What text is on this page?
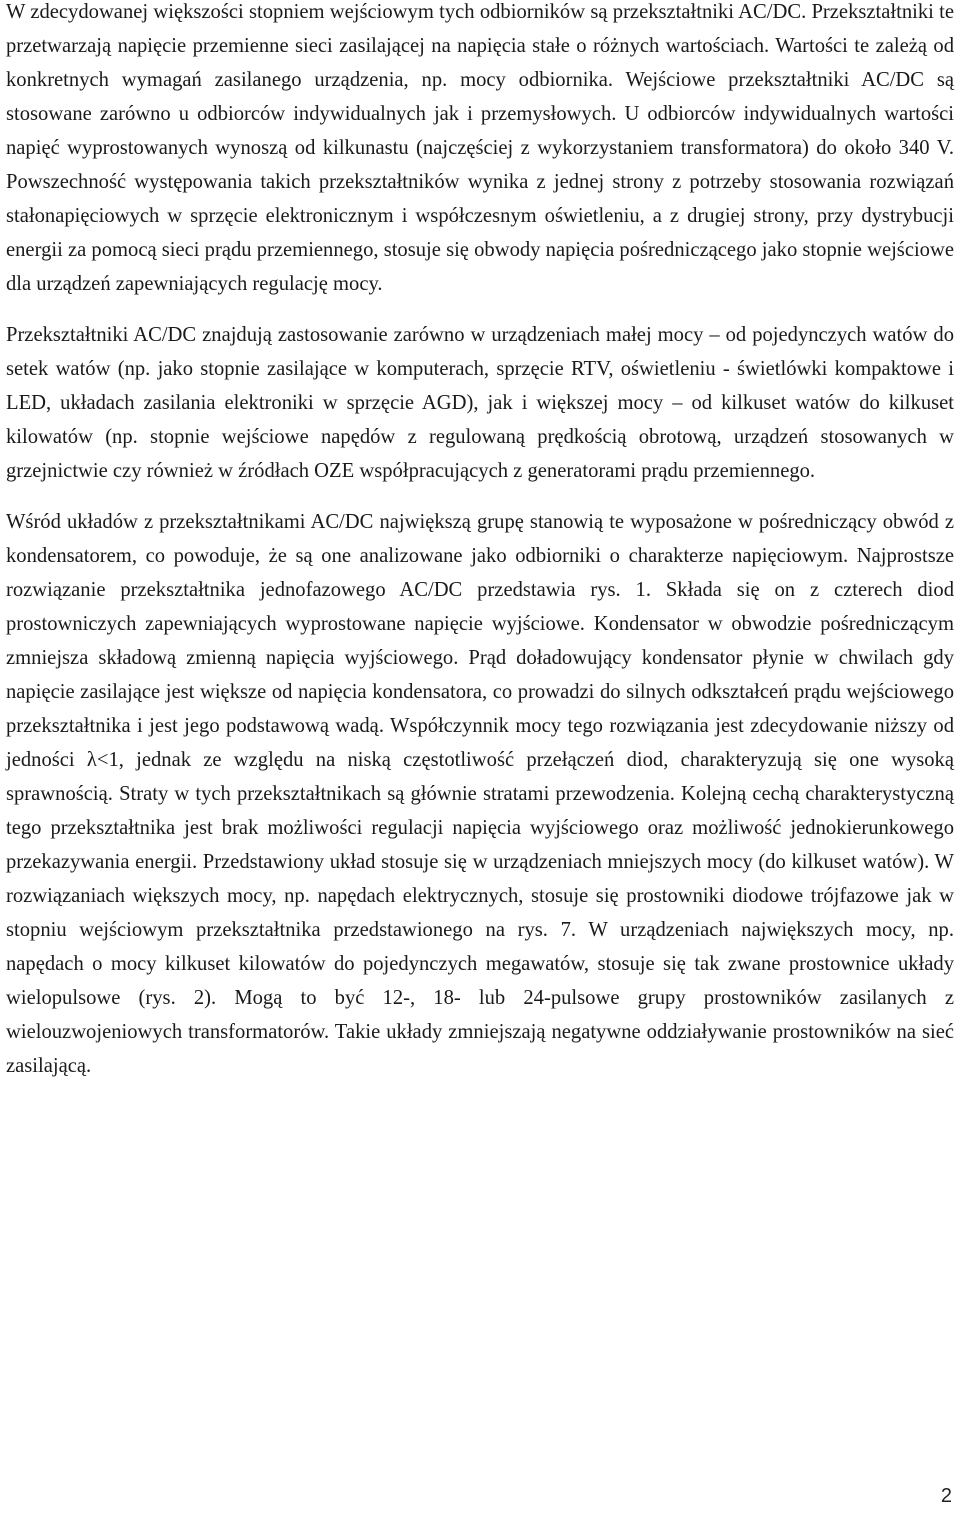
W zdecydowanej większości stopniem wejściowym tych odbiorników są przekształtniki AC/DC. Przekształtniki te przetwarzają napięcie przemienne sieci zasilającej na napięcia stałe o różnych wartościach. Wartości te zależą od konkretnych wymagań zasilanego urządzenia, np. mocy odbiornika. Wejściowe przekształtniki AC/DC są stosowane zarówno u odbiorców indywidualnych jak i przemysłowych. U odbiorców indywidualnych wartości napięć wyprostowanych wynoszą od kilkunastu (najczęściej z wykorzystaniem transformatora) do około 340 V. Powszechność występowania takich przekształtników wynika z jednej strony z potrzeby stosowania rozwiązań stałonapięciowych w sprzęcie elektronicznym i współczesnym oświetleniu, a z drugiej strony, przy dystrybucji energii za pomocą sieci prądu przemiennego, stosuje się obwody napięcia pośredniczącego jako stopnie wejściowe dla urządzeń zapewniających regulację mocy.

Przekształtniki AC/DC znajdują zastosowanie zarówno w urządzeniach małej mocy – od pojedynczych watów do setek watów (np. jako stopnie zasilające w komputerach, sprzęcie RTV, oświetleniu - świetlówki kompaktowe i LED, układach zasilania elektroniki w sprzęcie AGD), jak i większej mocy – od kilkuset watów do kilkuset kilowatów (np. stopnie wejściowe napędów z regulowaną prędkością obrotową, urządzeń stosowanych w grzejnictwie czy również w źródłach OZE współpracujących z generatorami prądu przemiennego.

Wśród układów z przekształtnikami AC/DC największą grupę stanowią te wyposażone w pośredniczący obwód z kondensatorem, co powoduje, że są one analizowane jako odbiorniki o charakterze napięciowym. Najprostsze rozwiązanie przekształtnika jednofazowego AC/DC przedstawia rys. 1. Składa się on z czterech diod prostowniczych zapewniających wyprostowane napięcie wyjściowe. Kondensator w obwodzie pośredniczącym zmniejsza składową zmienną napięcia wyjściowego. Prąd doładowujący kondensator płynie w chwilach gdy napięcie zasilające jest większe od napięcia kondensatora, co prowadzi do silnych odkształceń prądu wejściowego przekształtnika i jest jego podstawową wadą. Współczynnik mocy tego rozwiązania jest zdecydowanie niższy od jedności λ<1, jednak ze względu na niską częstotliwość przełączeń diod, charakteryzują się one wysoką sprawnością. Straty w tych przekształtnikach są głównie stratami przewodzenia. Kolejną cechą charakterystyczną tego przekształtnika jest brak możliwości regulacji napięcia wyjściowego oraz możliwość jednokierunkowego przekazywania energii. Przedstawiony układ stosuje się w urządzeniach mniejszych mocy (do kilkuset watów). W rozwiązaniach większych mocy, np. napędach elektrycznych, stosuje się prostowniki diodowe trójfazowe jak w stopniu wejściowym przekształtnika przedstawionego na rys. 7. W urządzeniach największych mocy, np. napędach o mocy kilkuset kilowatów do pojedynczych megawatów, stosuje się tak zwane prostownice układy wielopulsowe (rys. 2). Mogą to być 12-, 18- lub 24-pulsowe grupy prostowników zasilanych z wielouzwojeniowych transformatorów. Takie układy zmniejszają negatywne oddziaływanie prostowników na sieć zasilającą.

2
